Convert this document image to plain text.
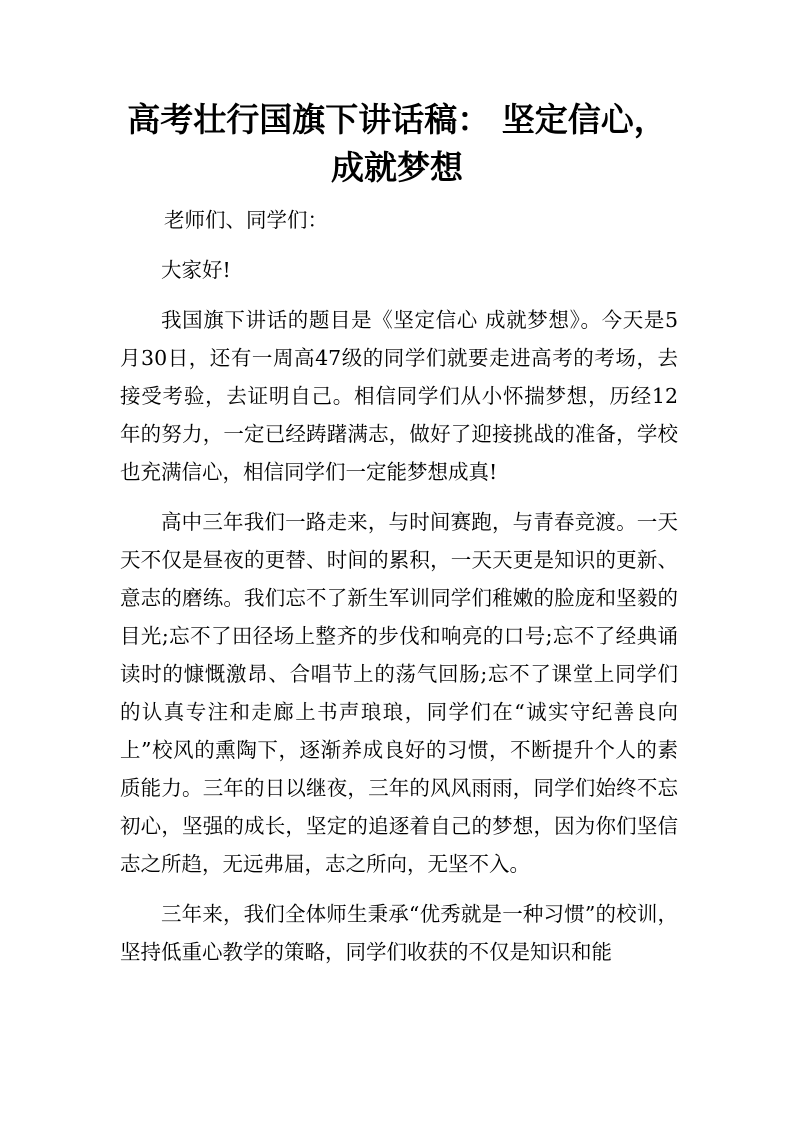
高考壮行国旗下讲话稿： 坚定信心，成就梦想

老师们、同学们：

大家好!

我国旗下讲话的题目是《坚定信心 成就梦想》。今天是5月30日，还有一周高47级的同学们就要走进高考的考场，去接受考验，去证明自己。相信同学们从小怀揣梦想，历经12年的努力，一定已经踌躇满志，做好了迎接挑战的准备，学校也充满信心，相信同学们一定能梦想成真!

高中三年我们一路走来，与时间赛跑，与青春竞渡。一天天不仅是昼夜的更替、时间的累积，一天天更是知识的更新、意志的磨练。我们忘不了新生军训同学们稚嫩的脸庞和坚毅的目光;忘不了田径场上整齐的步伐和响亮的口号;忘不了经典诵读时的慷慨激昂、合唱节上的荡气回肠;忘不了课堂上同学们的认真专注和走廊上书声琅琅，同学们在“诚实守纪善良向上”校风的熏陶下，逐渐养成良好的习惯，不断提升个人的素质能力。三年的日以继夜，三年的风风雨雨，同学们始终不忘初心，坚强的成长，坚定的追逐着自己的梦想，因为你们坚信志之所趋，无远弗届，志之所向，无坚不入。

三年来，我们全体师生秉承“优秀就是一种习惯”的校训，坚持低重心教学的策略，同学们收获的不仅是知识和能
